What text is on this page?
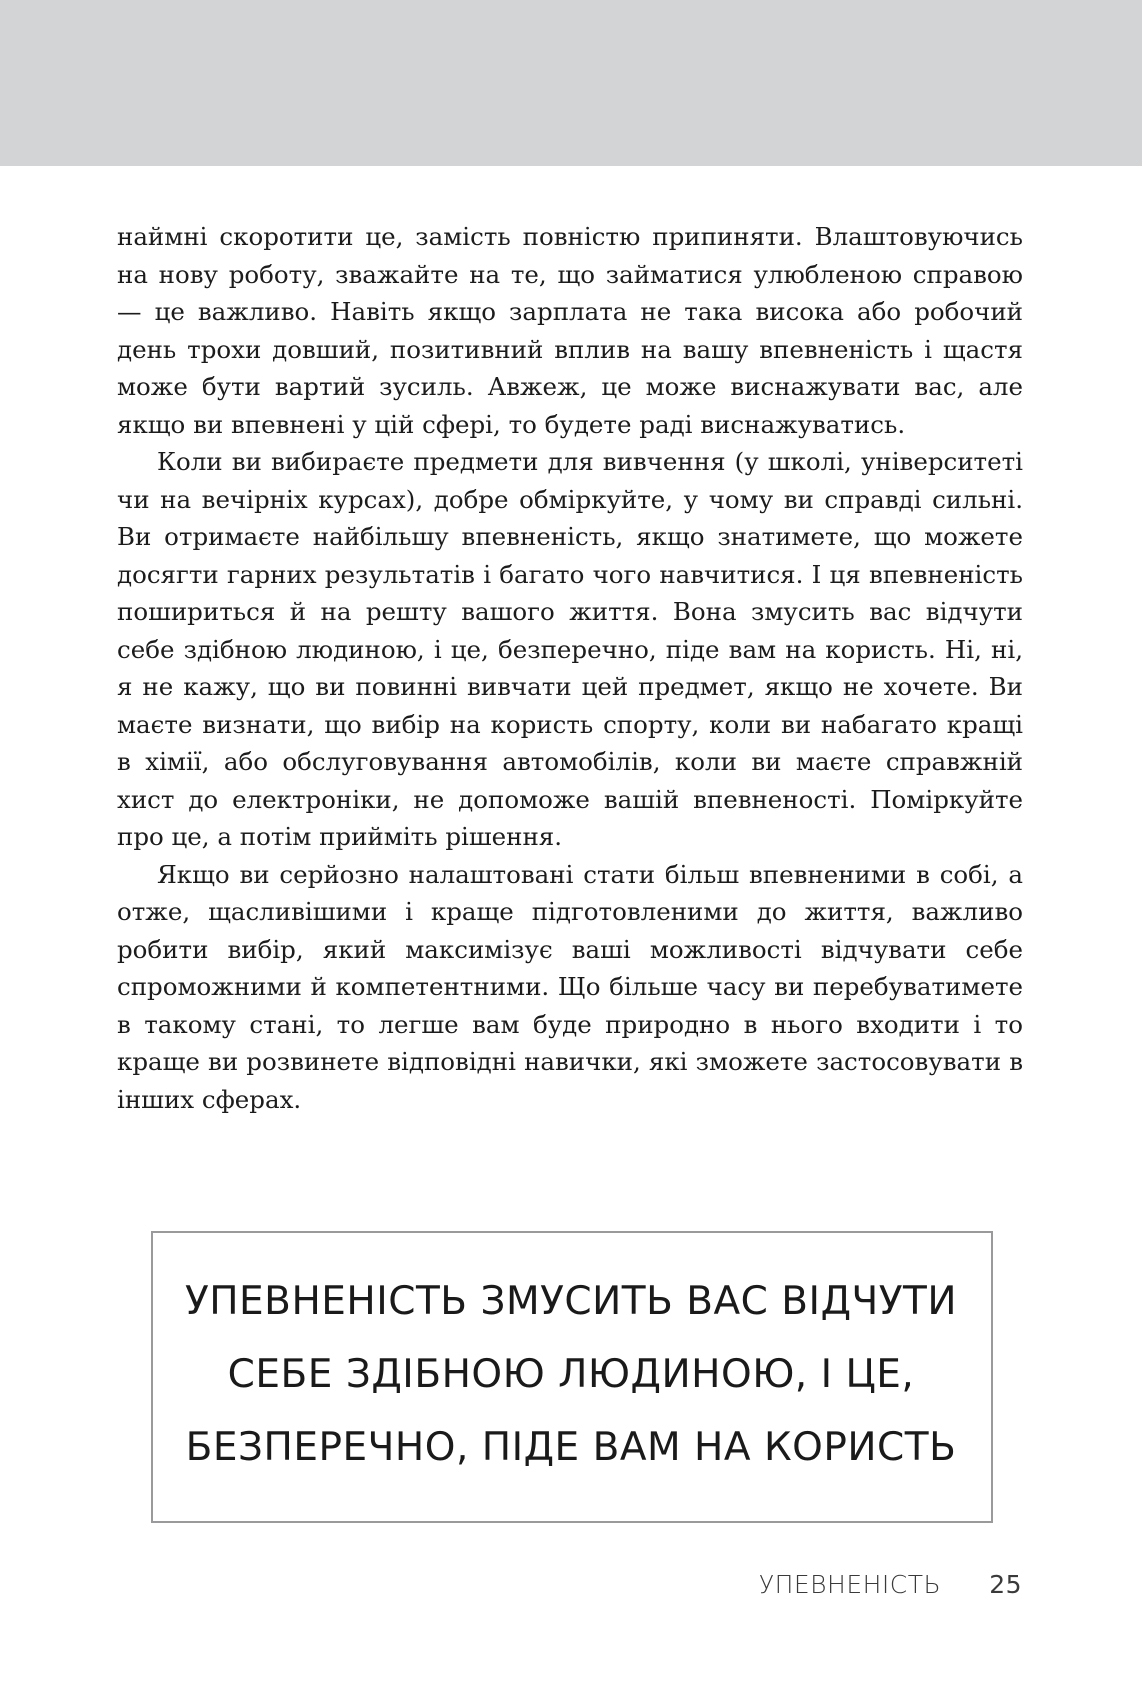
наймні скоротити це, замість повністю припиняти. Влаштовуючись на нову роботу, зважайте на те, що займатися улюбленою справою — це важливо. Навіть якщо зарплата не така висока або робочий день трохи довший, позитивний вплив на вашу впевненість і щастя може бути вартий зусиль. Авжеж, це може виснажувати вас, але якщо ви впевнені у цій сфері, то будете раді виснажуватись.

Коли ви вибираєте предмети для вивчення (у школі, університеті чи на вечірніх курсах), добре обміркуйте, у чому ви справді сильні. Ви отримаєте найбільшу впевненість, якщо знатимете, що можете досягти гарних результатів і багато чого навчитися. І ця впевненість пошириться й на решту вашого життя. Вона змусить вас відчути себе здібною людиною, і це, безперечно, піде вам на користь. Ні, ні, я не кажу, що ви повинні вивчати цей предмет, якщо не хочете. Ви маєте визнати, що вибір на користь спорту, коли ви набагато кращі в хімії, або обслуговування автомобілів, коли ви маєте справжній хист до електроніки, не допоможе вашій впевненості. Поміркуйте про це, а потім прийміть рішення.

Якщо ви серйозно налаштовані стати більш впевненими в собі, а отже, щасливішими і краще підготовленими до життя, важливо робити вибір, який максимізує ваші можливості відчувати себе спроможними й компетентними. Що більше часу ви перебуватимете в такому стані, то легше вам буде природно в нього входити і то краще ви розвинете відповідні навички, які зможете застосовувати в інших сферах.

УПЕВНЕНІСТЬ ЗМУСИТЬ ВАС ВІДЧУТИ
СЕБЕ ЗДІБНОЮ ЛЮДИНОЮ, І ЦЕ,
БЕЗПЕРЕЧНО, ПІДЕ ВАМ НА КОРИСТЬ
УПЕВНЕНІСТЬ 25
